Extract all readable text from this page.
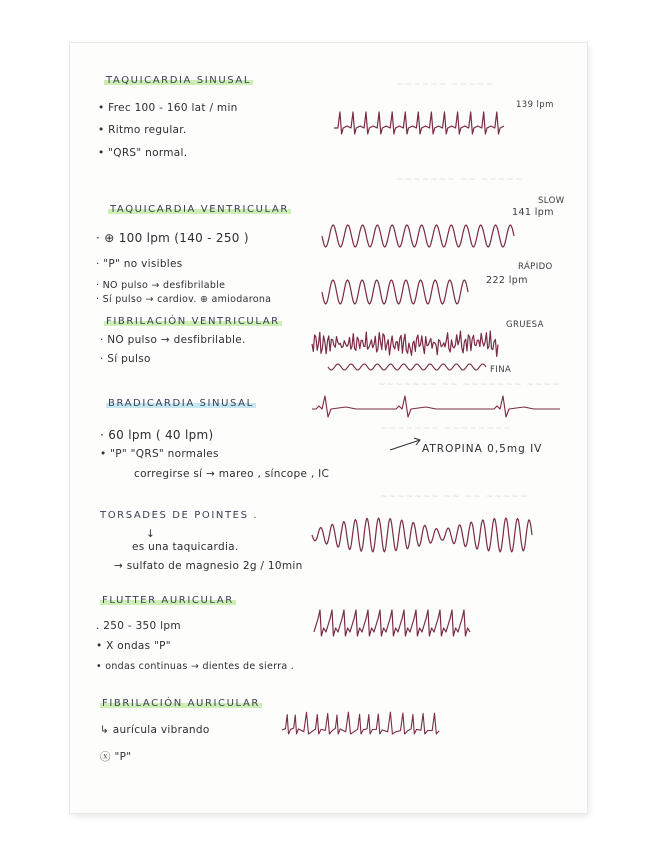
~~~~~~ ~~~~~
~~~~~~~ ~~ ~~~~~
~~~~~~~ ~~ ~~~~~~~ ~~~~
~~~~~~~ ~~~~~~~~
~~~~~~~ ~~ ~~ ~~~~~
TAQUICARDIA SINUSAL
• Frec 100 - 160 lat / min
• Ritmo regular.
• "QRS" normal.
139 lpm
TAQUICARDIA VENTRICULAR
· ⊕ 100 lpm (140 - 250 )
· "P" no visibles
· NO pulso → desfibrilable
· Sí pulso → cardiov. ⊕ amiodarona
SLOW
141 lpm
RÁPIDO
222 lpm
GRUESA
FIBRILACIÓN VENTRICULAR
· NO pulso → desfibrilable.
· Sí pulso
FINA
BRADICARDIA SINUSAL
· 60 lpm ( 40 lpm)
• "P" "QRS" normales
corregirse sí → mareo , síncope , IC
ATROPINA 0,5mg IV
TORSADES DE POINTES .
↓
es una taquicardia.
→ sulfato de magnesio 2g / 10min
FLUTTER AURICULAR
. 250 - 350 lpm
• X ondas "P"
• ondas continuas → dientes de sierra .
FIBRILACIÓN AURICULAR
↳ aurícula vibrando
ⓧ "P"
